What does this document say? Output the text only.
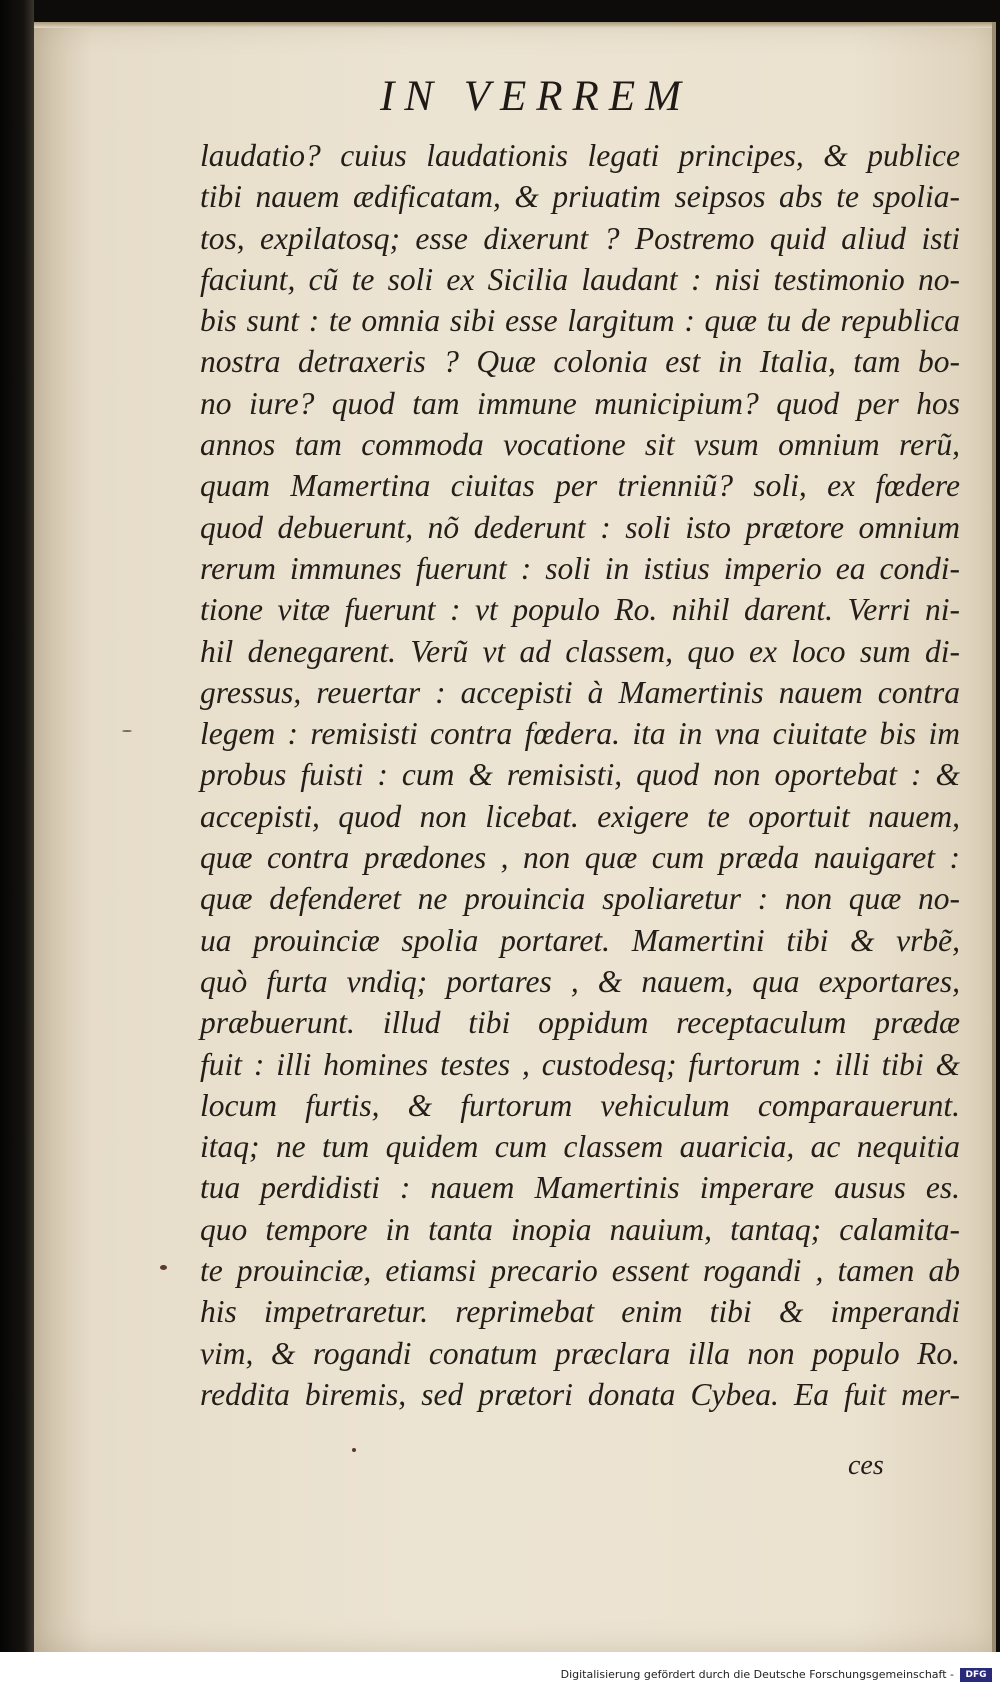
IN VERREM
laudatio? cuius laudationis legati principes, & publice
tibi nauem ædificatam, & priuatim seipsos abs te spolia-
tos, expilatosq; esse dixerunt ? Postremo quid aliud isti
faciunt, cũ te soli ex Sicilia laudant : nisi testimonio no-
bis sunt : te omnia sibi esse largitum : quæ tu de republica
nostra detraxeris ? Quæ colonia est in Italia, tam bo-
no iure? quod tam immune municipium? quod per hos
annos tam commoda vocatione sit vsum omnium rerũ,
quam Mamertina ciuitas per trienniũ? soli, ex fœdere
quod debuerunt, nõ dederunt : soli isto prætore omnium
rerum immunes fuerunt : soli in istius imperio ea condi-
tione vitæ fuerunt : vt populo Ro. nihil darent. Verri ni-
hil denegarent. Verũ vt ad classem, quo ex loco sum di-
gressus, reuertar : accepisti à Mamertinis nauem contra
legem : remisisti contra fœdera. ita in vna ciuitate bis im
probus fuisti : cum & remisisti, quod non oportebat : &
accepisti, quod non licebat. exigere te oportuit nauem,
quæ contra prædones , non quæ cum præda nauigaret :
quæ defenderet ne prouincia spoliaretur : non quæ no-
ua prouinciæ spolia portaret. Mamertini tibi & vrbẽ,
quò furta vndiq; portares , & nauem, qua exportares,
præbuerunt. illud tibi oppidum receptaculum prædæ
fuit : illi homines testes , custodesq; furtorum : illi tibi &
locum furtis, & furtorum vehiculum comparauerunt.
itaq; ne tum quidem cum classem auaricia, ac nequitia
tua perdidisti : nauem Mamertinis imperare ausus es.
quo tempore in tanta inopia nauium, tantaq; calamita-
te prouinciæ, etiamsi precario essent rogandi , tamen ab
his impetraretur. reprimebat enim tibi & imperandi
vim, & rogandi conatum præclara illa non populo Ro.
reddita biremis, sed prætori donata Cybea. Ea fuit mer-
ces
Digitalisierung gefördert durch die Deutsche Forschungsgemeinschaft -	DFG
